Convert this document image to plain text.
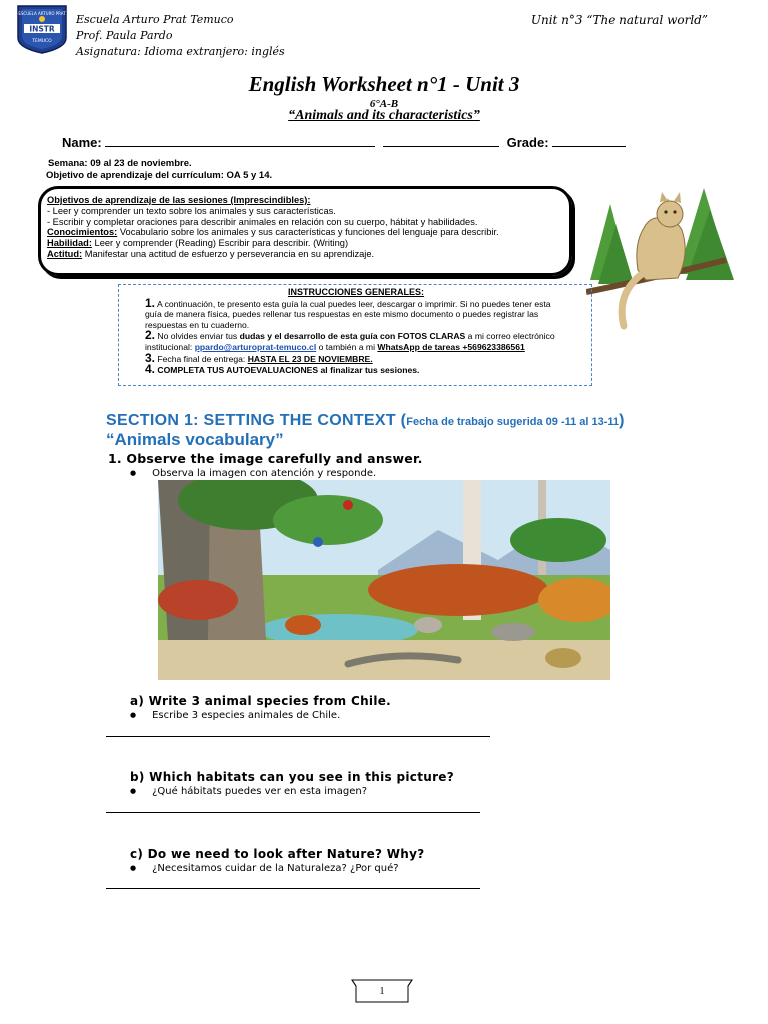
ESCUELA ARTURO PRAT
INSTR
TEMUCO
Escuela Arturo Prat Temuco
Prof. Paula Pardo
Asignatura: Idioma extranjero: inglés
Unit n°3 “The natural world”
English Worksheet n°1 - Unit 3
6°A-B
“Animals and its characteristics”
Name:	Grade:
Semana: 09 al 23 de noviembre.
Objetivo de aprendizaje del currículum: OA 5 y 14.
Objetivos de aprendizaje de las sesiones (Imprescindibles):
- Leer y comprender un texto sobre los animales y sus características.
- Escribir y completar oraciones para describir animales en relación con su cuerpo, hábitat y habilidades.
Conocimientos: Vocabulario sobre los animales y sus características y funciones del lenguaje para describir.
Habilidad: Leer y comprender (Reading) Escribir para describir. (Writing)
Actitud: Manifestar una actitud de esfuerzo y perseverancia en su aprendizaje.
INSTRUCCIONES GENERALES:
1. A continuación, te presento esta guía la cual puedes leer, descargar o imprimir. Si no puedes tener esta guía de manera física, puedes rellenar tus respuestas en este mismo documento o puedes registrar las respuestas en tu cuaderno.
2. No olvides enviar tus dudas y el desarrollo de esta guía con FOTOS CLARAS a mi correo electrónico institucional: ppardo@arturoprat-temuco.cl o también a mi WhatsApp de tareas +569623386561
3. Fecha final de entrega: HASTA EL 23 DE NOVIEMBRE.
4. COMPLETA TUS AUTOEVALUACIONES al finalizar tus sesiones.
SECTION 1: SETTING THE CONTEXT (Fecha de trabajo sugerida 09 -11 al 13-11)
“Animals vocabulary”
1. Observe the image carefully and answer.
● Observa la imagen con atención y responde.
a) Write 3 animal species from Chile.
● Escribe 3 especies animales de Chile.
b) Which habitats can you see in this picture?
● ¿Qué hábitats puedes ver en esta imagen?
c) Do we need to look after Nature? Why?
● ¿Necesitamos cuidar de la Naturaleza? ¿Por qué?
1
